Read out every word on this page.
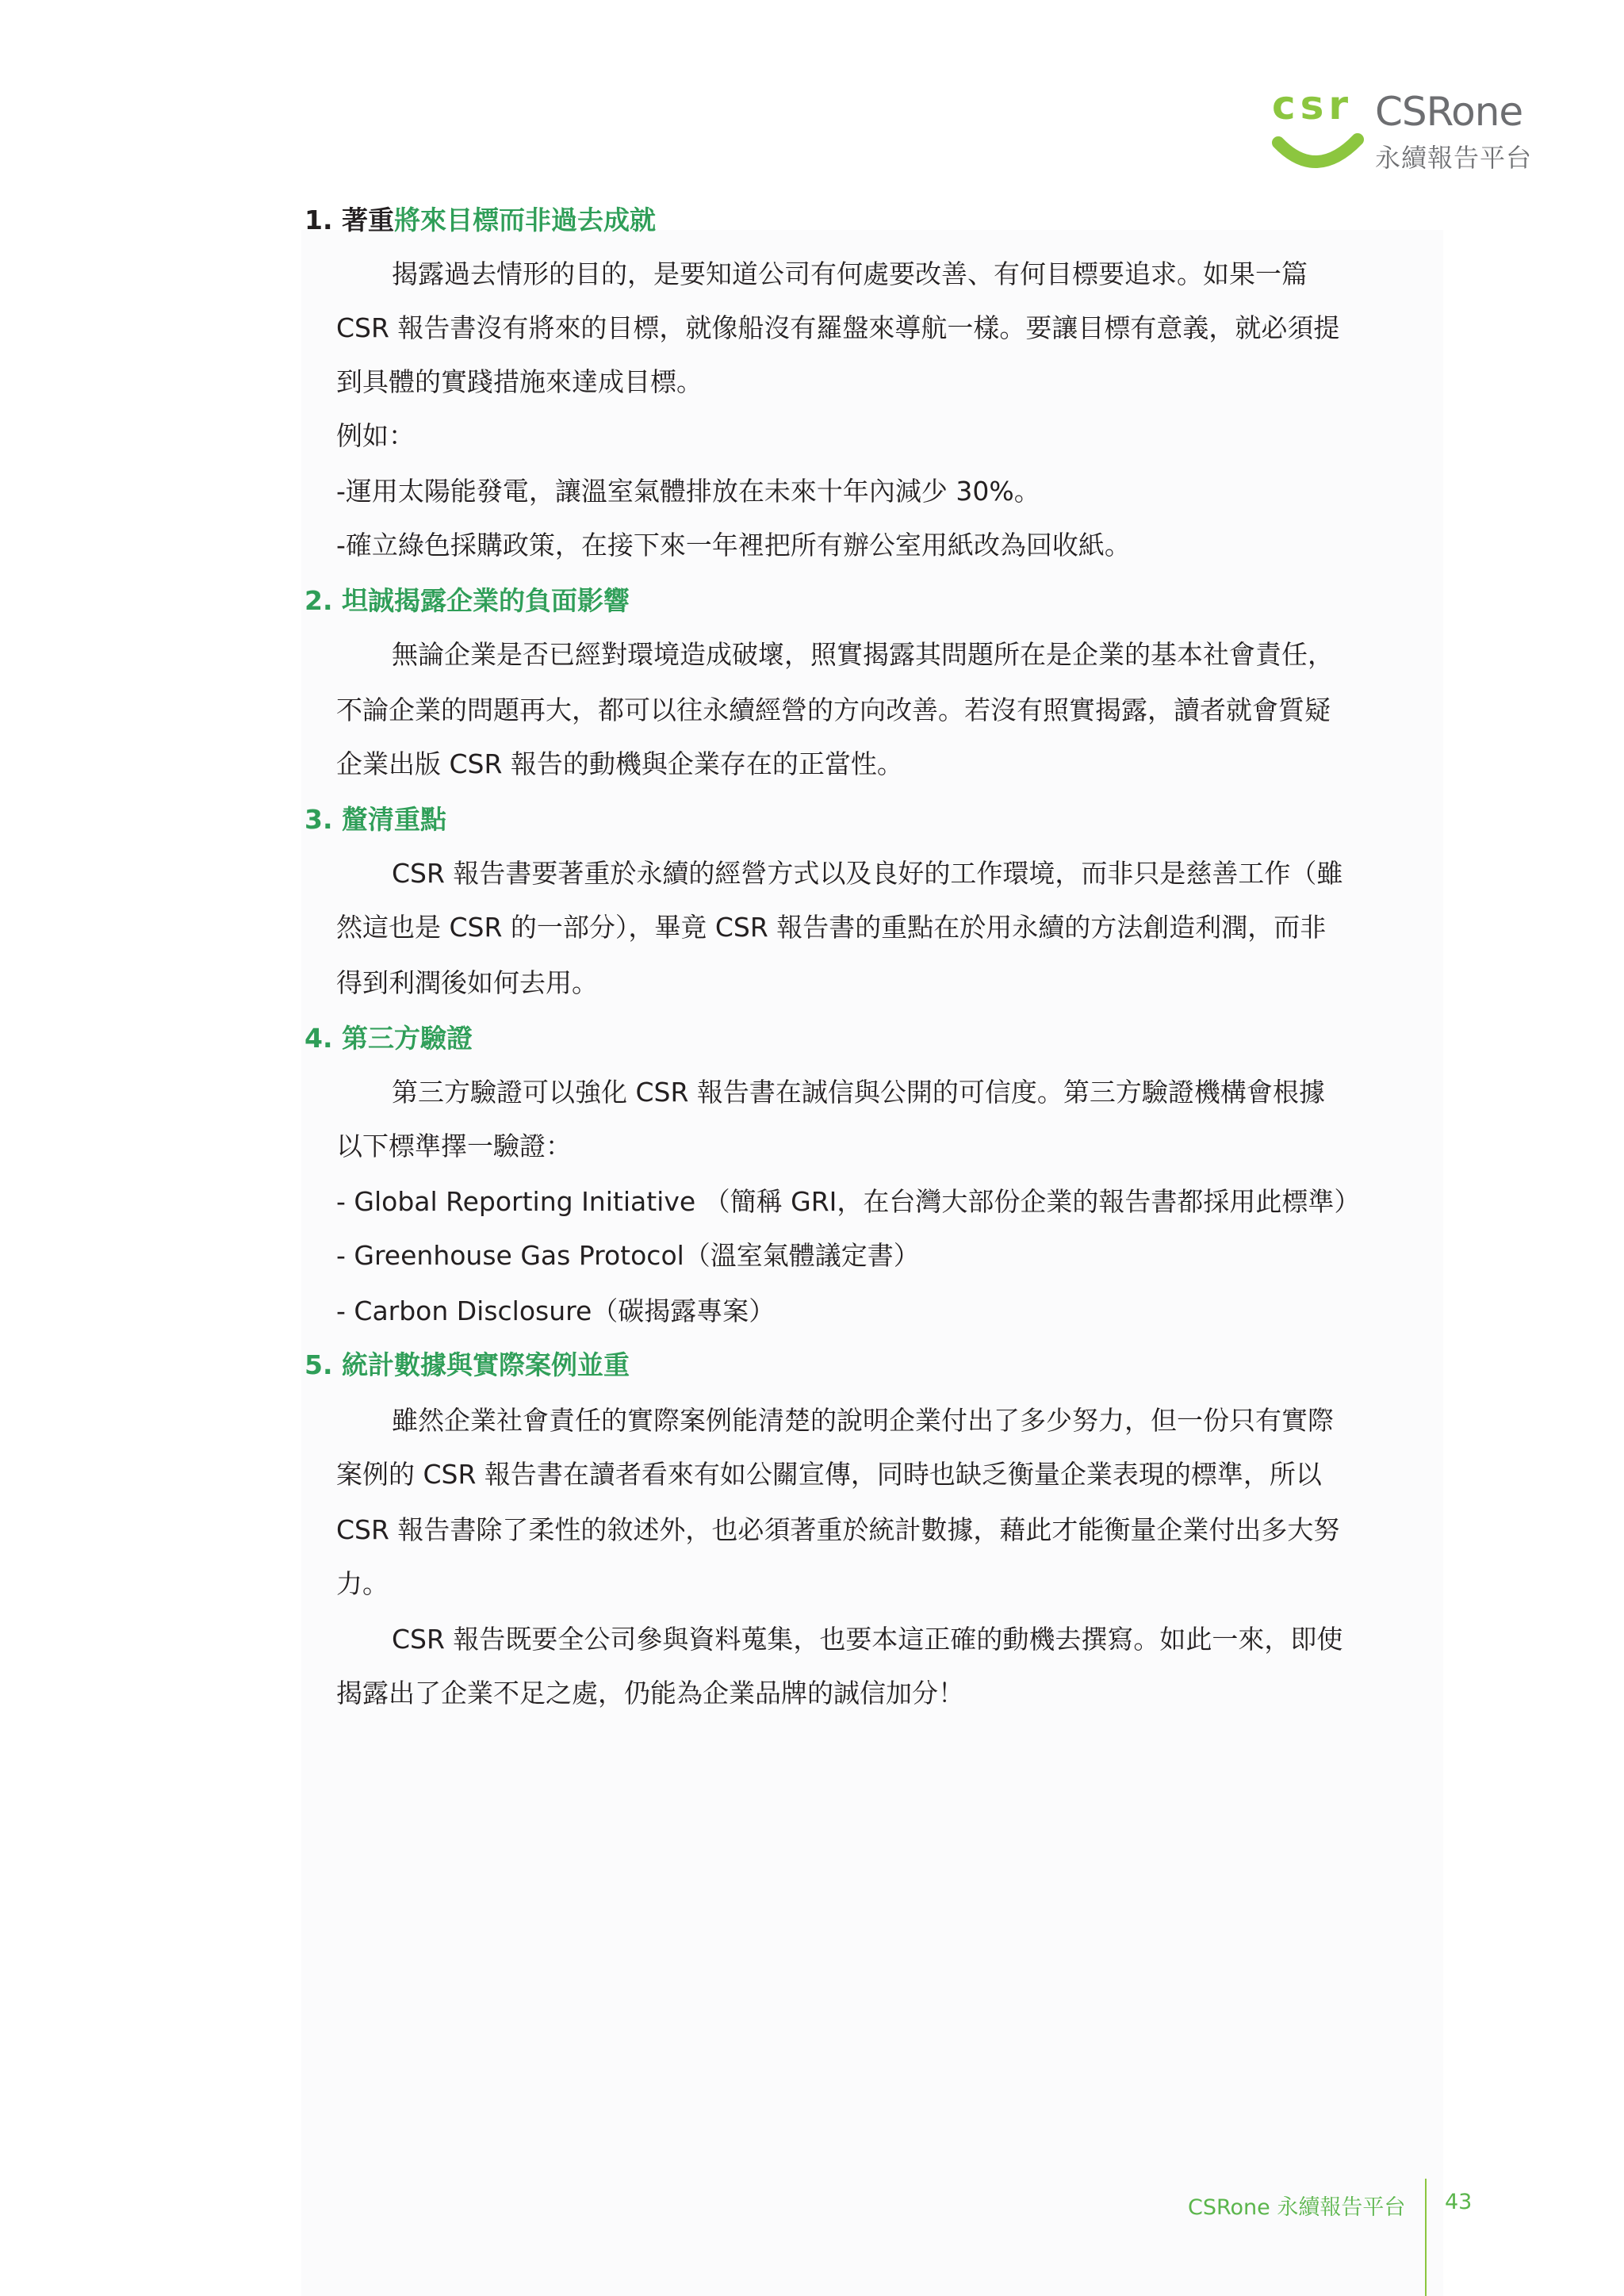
csr CSRone
永續報告平台
1. 著重將來目標而非過去成就
揭露過去情形的目的，是要知道公司有何處要改善、有何目標要追求。如果一篇
CSR 報告書沒有將來的目標，就像船沒有羅盤來導航一樣。要讓目標有意義，就必須提
到具體的實踐措施來達成目標。
例如：
-運用太陽能發電，讓溫室氣體排放在未來十年內減少 30%。
-確立綠色採購政策，在接下來一年裡把所有辦公室用紙改為回收紙。
2. 坦誠揭露企業的負面影響
無論企業是否已經對環境造成破壞，照實揭露其問題所在是企業的基本社會責任，
不論企業的問題再大，都可以往永續經營的方向改善。若沒有照實揭露，讀者就會質疑
企業出版 CSR 報告的動機與企業存在的正當性。
3. 釐清重點
CSR 報告書要著重於永續的經營方式以及良好的工作環境，而非只是慈善工作（雖
然這也是 CSR 的一部分），畢竟 CSR 報告書的重點在於用永續的方法創造利潤，而非
得到利潤後如何去用。
4. 第三方驗證
第三方驗證可以強化 CSR 報告書在誠信與公開的可信度。第三方驗證機構會根據
以下標準擇一驗證：
- Global Reporting Initiative （簡稱 GRI，在台灣大部份企業的報告書都採用此標準）
- Greenhouse Gas Protocol（溫室氣體議定書）
- Carbon Disclosure（碳揭露專案）
5. 統計數據與實際案例並重
雖然企業社會責任的實際案例能清楚的說明企業付出了多少努力，但一份只有實際
案例的 CSR 報告書在讀者看來有如公關宣傳，同時也缺乏衡量企業表現的標準，所以
CSR 報告書除了柔性的敘述外，也必須著重於統計數據，藉此才能衡量企業付出多大努
力。
CSR 報告既要全公司參與資料蒐集，也要本這正確的動機去撰寫。如此一來，即使
揭露出了企業不足之處，仍能為企業品牌的誠信加分！
CSRone 永續報告平台 43
